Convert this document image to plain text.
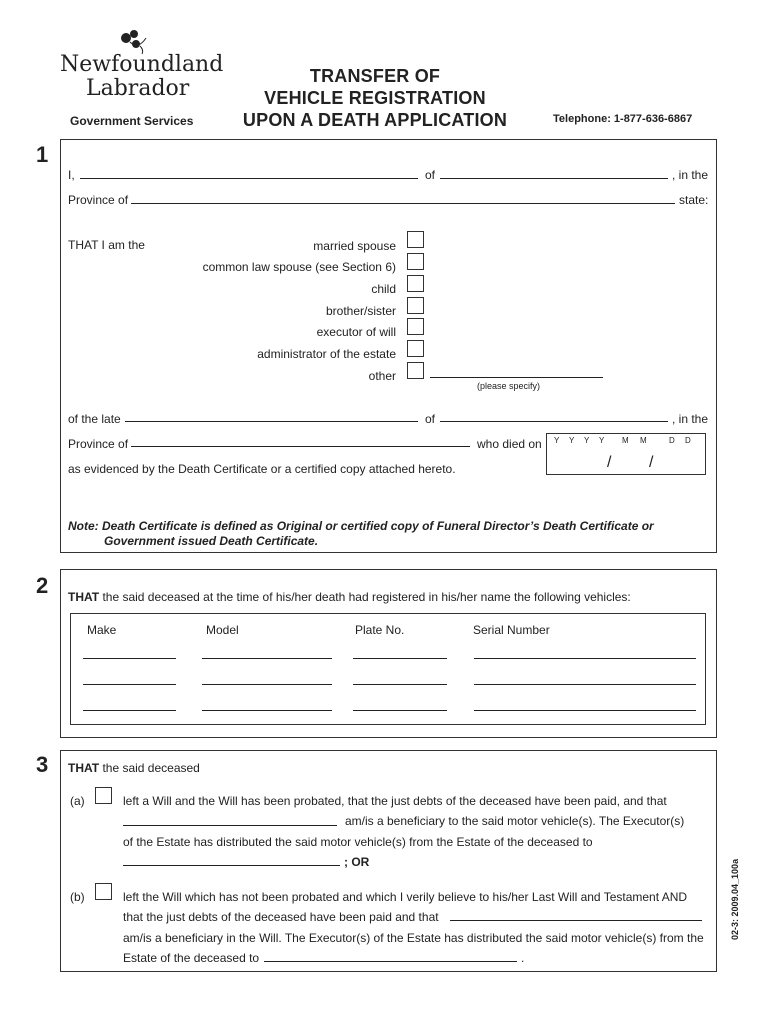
Newfoundland
Labrador
Government Services
TRANSFER OF
VEHICLE REGISTRATION
UPON A DEATH APPLICATION	Telephone: 1-877-636-6867
1
I,	of	, in the
Province of	state:
THAT I am the	married spouse
common law spouse (see Section 6)
child
brother/sister
executor of will
administrator of the estate
other
(please specify)
of the late	of	, in the
Province of	who died on Y Y Y Y M M	D D
/ /
as evidenced by the Death Certificate or a certified copy attached hereto.
Note: Death Certificate is defined as Original or certified copy of Funeral Director’s Death Certificate or
Government issued Death Certificate.
2 THAT the said deceased at the time of his/her death had registered in his/her name the following vehicles:
Make	Model	Plate No.	Serial Number
3 THAT the said deceased
(a)	left a Will and the Will has been probated, that the just debts of the deceased have been paid, and that
am/is a beneficiary to the said motor vehicle(s). The Executor(s)
of the Estate has distributed the said motor vehicle(s) from the Estate of the deceased to
; OR
(b)	left the Will which has not been probated and which I verily believe to his/her Last Will and Testament AND
that the just debts of the deceased have been paid and that
am/is a beneficiary in the Will. The Executor(s) of the Estate has distributed the said motor vehicle(s) from the
Estate of the deceased to	.
02-3: 2009.04_100a
